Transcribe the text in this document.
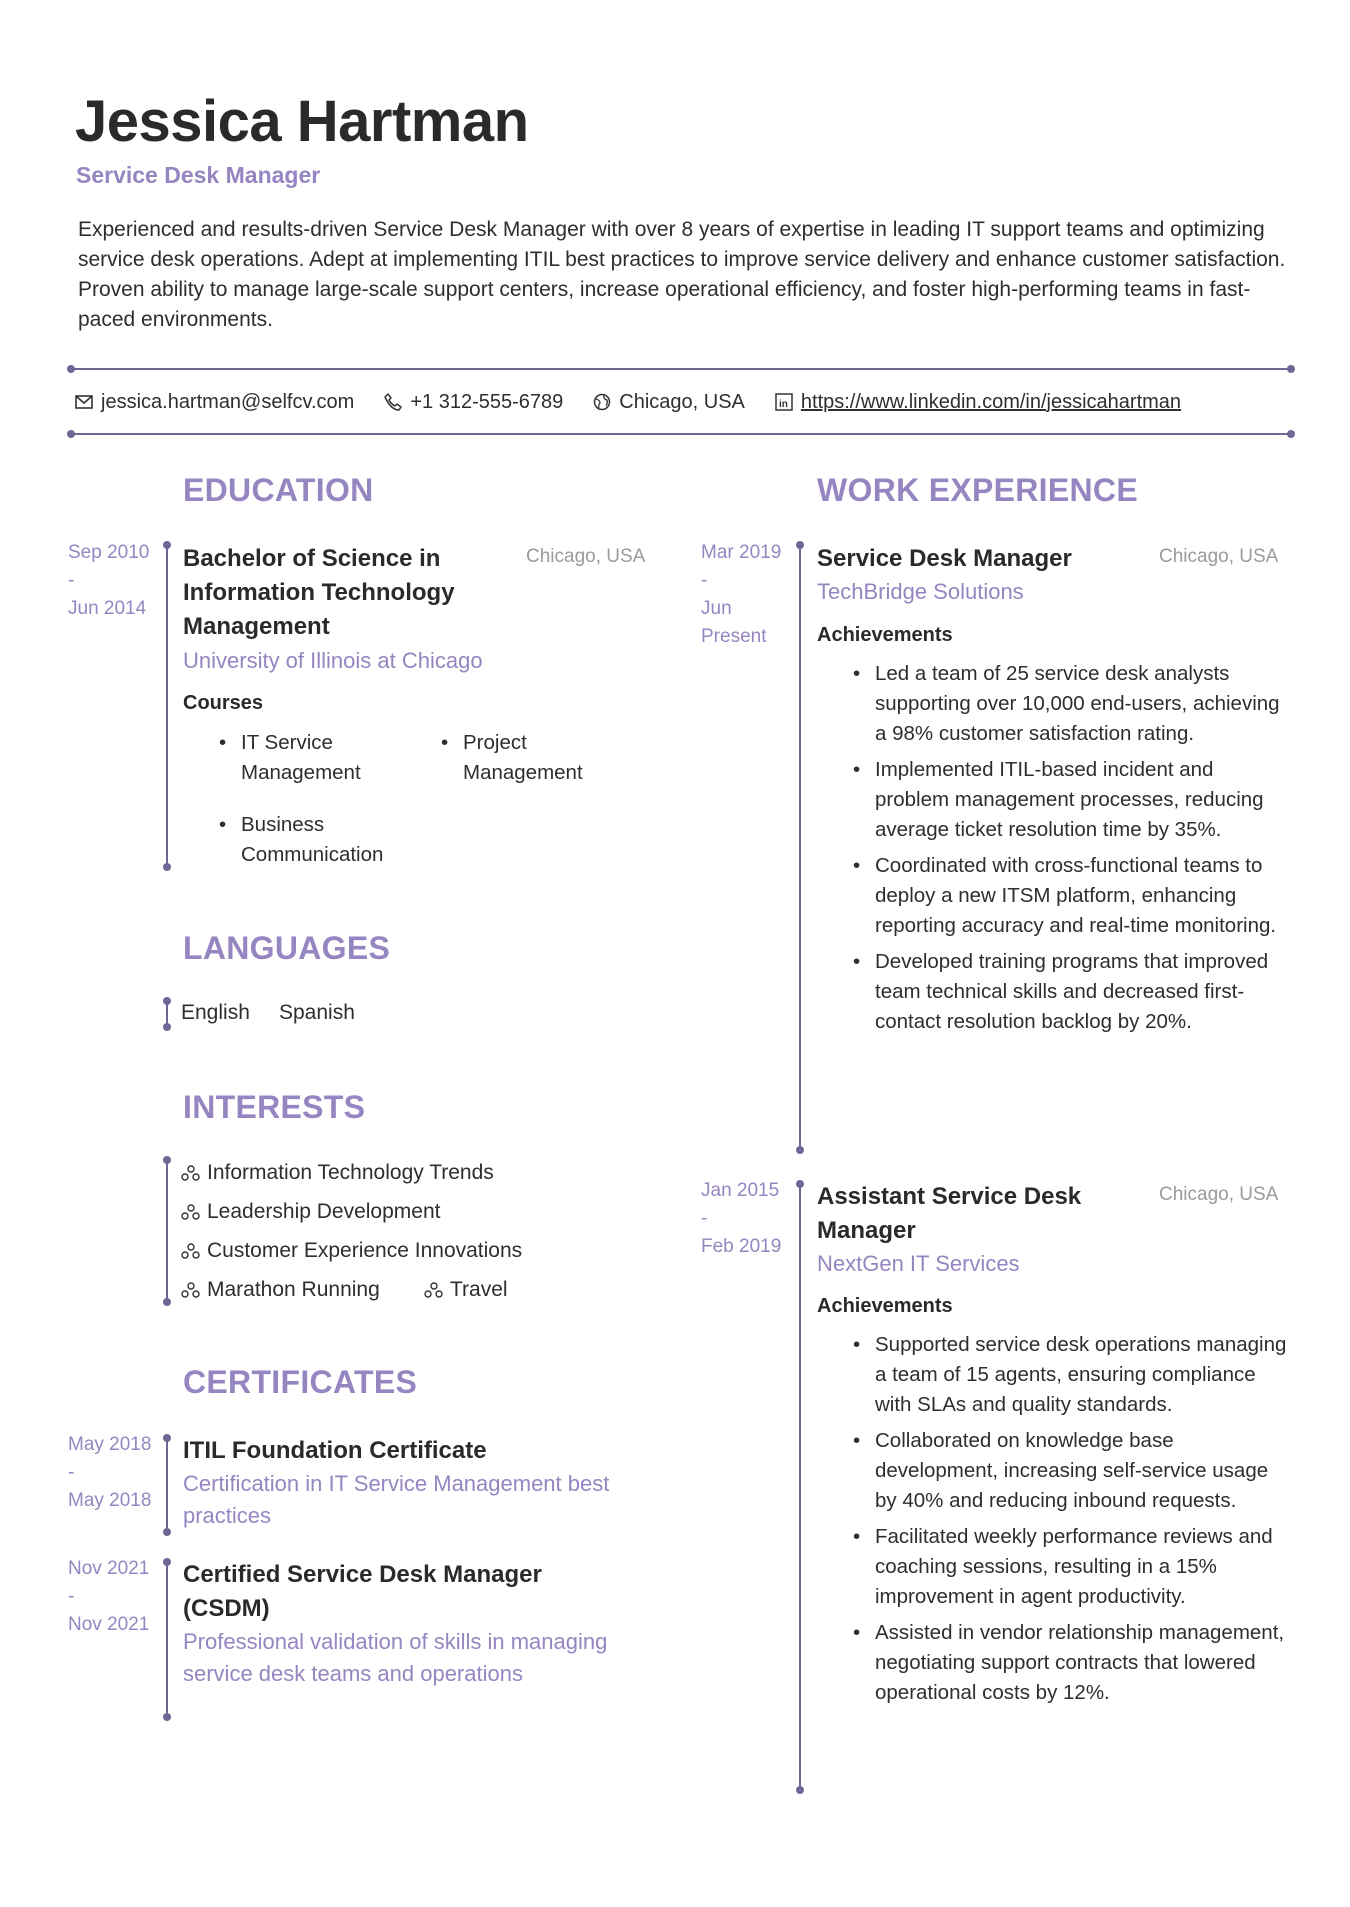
Jessica Hartman
Service Desk Manager
Experienced and results-driven Service Desk Manager with over 8 years of expertise in leading IT support teams and optimizing service desk operations. Adept at implementing ITIL best practices to improve service delivery and enhance customer satisfaction. Proven ability to manage large-scale support centers, increase operational efficiency, and foster high-performing teams in fast-paced environments.
jessica.hartman@selfcv.com	+1 312-555-6789	Chicago, USA	in https://www.linkedin.com/in/jessicahartman
EDUCATION
Sep 2010
-
Jun 2014
Bachelor of Science in Information Technology Management
Chicago, USA
University of Illinois at Chicago
Courses
• IT Service Management
• Project Management
• Business Communication
LANGUAGES
English Spanish
INTERESTS
Information Technology Trends
Leadership Development
Customer Experience Innovations
Marathon Running	Travel
CERTIFICATES
May 2018
-
May 2018
ITIL Foundation Certificate
Certification in IT Service Management best practices
Nov 2021
-
Nov 2021
Certified Service Desk Manager (CSDM)
Professional validation of skills in managing service desk teams and operations
WORK EXPERIENCE
Mar 2019
-
Jun
Present
Service Desk Manager	Chicago, USA
TechBridge Solutions
Achievements
• Led a team of 25 service desk analysts supporting over 10,000 end-users, achieving a 98% customer satisfaction rating.
• Implemented ITIL-based incident and problem management processes, reducing average ticket resolution time by 35%.
• Coordinated with cross-functional teams to deploy a new ITSM platform, enhancing reporting accuracy and real-time monitoring.
• Developed training programs that improved team technical skills and decreased first-contact resolution backlog by 20%.
Jan 2015
-
Feb 2019
Assistant Service Desk Manager
Chicago, USA
NextGen IT Services
Achievements
• Supported service desk operations managing a team of 15 agents, ensuring compliance with SLAs and quality standards.
• Collaborated on knowledge base development, increasing self-service usage by 40% and reducing inbound requests.
• Facilitated weekly performance reviews and coaching sessions, resulting in a 15% improvement in agent productivity.
• Assisted in vendor relationship management, negotiating support contracts that lowered operational costs by 12%.
